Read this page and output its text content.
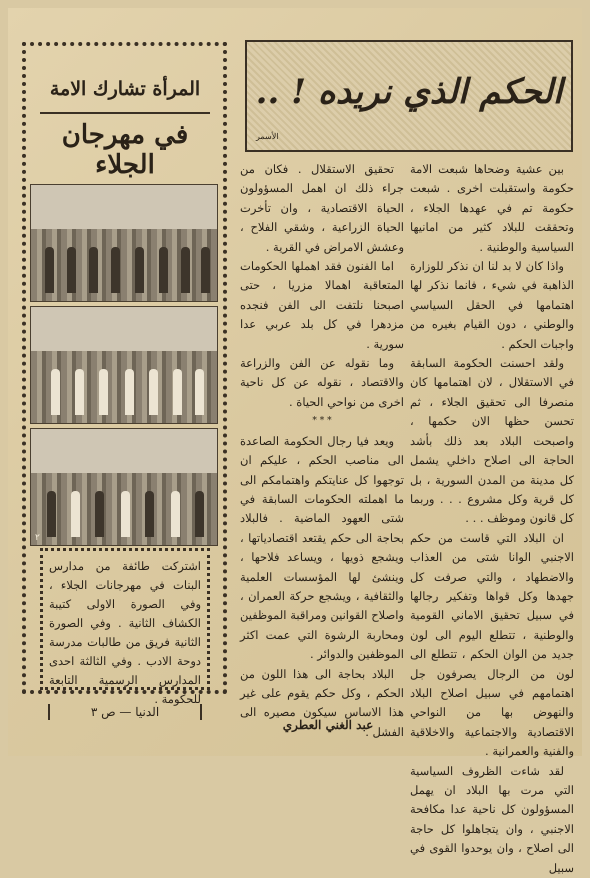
المرأة تشارك الامة
في مهرجان الجلاء
٢
اشتركت طائفة من مدارس البنات في مهرجانات الجلاء ، وفي الصورة الاولى كتيبة الكشاف الثانية . وفي الصورة الثانية فريق من طالبات مدرسة دوحة الادب . وفي الثالثة احدى المدارس الرسمية التابعة للحكومة .
الدنيا — ص ٣
الحكم الذي نريده ! ..
الأسمر

بين عشية وضحاها شبعت الامة حكومة واستقبلت اخرى . شبعت حكومة تم في عهدها الجلاء ، وتحققت للبلاد كثير من امانيها السياسية والوطنية .

واذا كان لا بد لنا ان نذكر للوزارة الذاهبة في شيء ، فانما نذكر لها اهتمامها في الحقل السياسي والوطني ، دون القيام بغيره من واجبات الحكم .

ولقد احسنت الحكومة السابقة في الاستقلال ، لان اهتمامها كان منصرفا الى تحقيق الجلاء ، ثم تحسن حظها الان حكمها ، واصبحت البلاد بعد ذلك بأشد الحاجة الى اصلاح داخلي يشمل كل مدينة من المدن السورية ، بل كل قرية وكل مشروع . . . وربما كل قانون وموظف . . .

ان البلاد التي قاست من حكم الاجنبي الوانا شتى من العذاب والاضطهاد ، والتي صرفت كل جهدها وكل قواها وتفكير رجالها في سبيل تحقيق الاماني القومية والوطنية ، تتطلع اليوم الى لون جديد من الوان الحكم ، تتطلع الى لون من الرجال يصرفون جل اهتمامهم في سبيل اصلاح البلاد والنهوض بها من النواحي الاقتصادية والاجتماعية والاخلاقية والفنية والعمرانية .

لقد شاءت الظروف السياسية التي مرت بها البلاد ان يهمل المسؤولون كل ناحية عدا مكافحة الاجنبي ، وان يتجاهلوا كل حاجة الى اصلاح ، وان يوحدوا القوى في سبيل

تحقيق الاستقلال . فكان من جراء ذلك ان اهمل المسؤولون الحياة الاقتصادية ، وان تأخرت الحياة الزراعية ، وشقي الفلاح ، وعشش الامراض في القرية .

اما الفنون فقد اهملها الحكومات المتعاقبة اهمالا مزريا ، حتى اصبحنا نلتفت الى الفن فنجده مزدهرا في كل بلد عربي عدا سورية .

وما نقوله عن الفن والزراعة والاقتصاد ، نقوله عن كل ناحية اخرى من نواحي الحياة .

* * *

ويعد فيا رجال الحكومة الصاعدة الى مناصب الحكم ، عليكم ان توجهوا كل عنايتكم واهتمامكم الى ما اهملته الحكومات السابقة في شتى العهود الماضية . فالبلاد بحاجة الى حكم يقتعد اقتصادياتها ، ويشجع ذويها ، ويساعد فلاحها ، وينشئ لها المؤسسات العلمية والثقافية ، ويشجع حركة العمران ، واصلاح القوانين ومراقبة الموظفين ومحاربة الرشوة التي عمت اكثر الموظفين والدوائر .

البلاد بحاجة الى هذا اللون من الحكم ، وكل حكم يقوم على غير هذا الاساس سيكون مصيره الى الفشل .

عبد الغني العطري
